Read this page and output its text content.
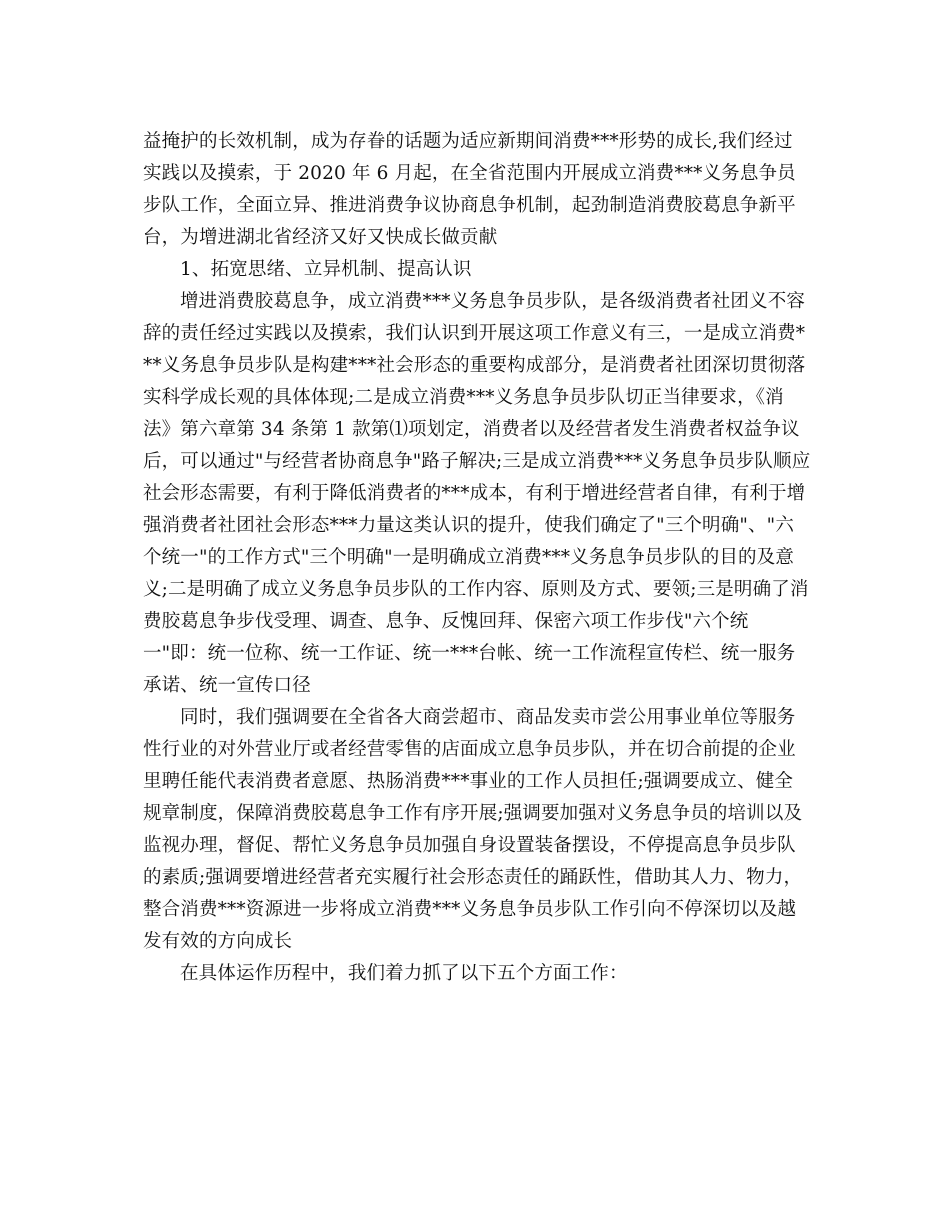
益掩护的长效机制，成为存眷的话题为适应新期间消费***形势的成长,我们经过实践以及摸索，于 2020 年 6 月起，在全省范围内开展成立消费***义务息争员步队工作，全面立异、推进消费争议协商息争机制，起劲制造消费胶葛息争新平台，为增进湖北省经济又好又快成长做贡献

1、拓宽思绪、立异机制、提高认识

增进消费胶葛息争，成立消费***义务息争员步队，是各级消费者社团义不容辞的责任经过实践以及摸索，我们认识到开展这项工作意义有三，一是成立消费***义务息争员步队是构建***社会形态的重要构成部分，是消费者社团深切贯彻落实科学成长观的具体体现;二是成立消费***义务息争员步队切正当律要求，《消法》第六章第 34 条第 1 款第⑴项划定，消费者以及经营者发生消费者权益争议后，可以通过"与经营者协商息争"路子解决;三是成立消费***义务息争员步队顺应社会形态需要，有利于降低消费者的***成本，有利于增进经营者自律，有利于增强消费者社团社会形态***力量这类认识的提升，使我们确定了"三个明确"、"六个统一"的工作方式"三个明确"一是明确成立消费***义务息争员步队的目的及意义;二是明确了成立义务息争员步队的工作内容、原则及方式、要领;三是明确了消费胶葛息争步伐受理、调查、息争、反愧回拜、保密六项工作步伐"六个统一"即：统一位称、统一工作证、统一***台帐、统一工作流程宣传栏、统一服务承诺、统一宣传口径

同时，我们强调要在全省各大商尝超市、商品发卖市尝公用事业单位等服务性行业的对外营业厅或者经营零售的店面成立息争员步队，并在切合前提的企业里聘任能代表消费者意愿、热肠消费***事业的工作人员担任;强调要成立、健全规章制度，保障消费胶葛息争工作有序开展;强调要加强对义务息争员的培训以及监视办理，督促、帮忙义务息争员加强自身设置装备摆设，不停提高息争员步队的素质;强调要增进经营者充实履行社会形态责任的踊跃性，借助其人力、物力，整合消费***资源进一步将成立消费***义务息争员步队工作引向不停深切以及越发有效的方向成长

在具体运作历程中，我们着力抓了以下五个方面工作：
